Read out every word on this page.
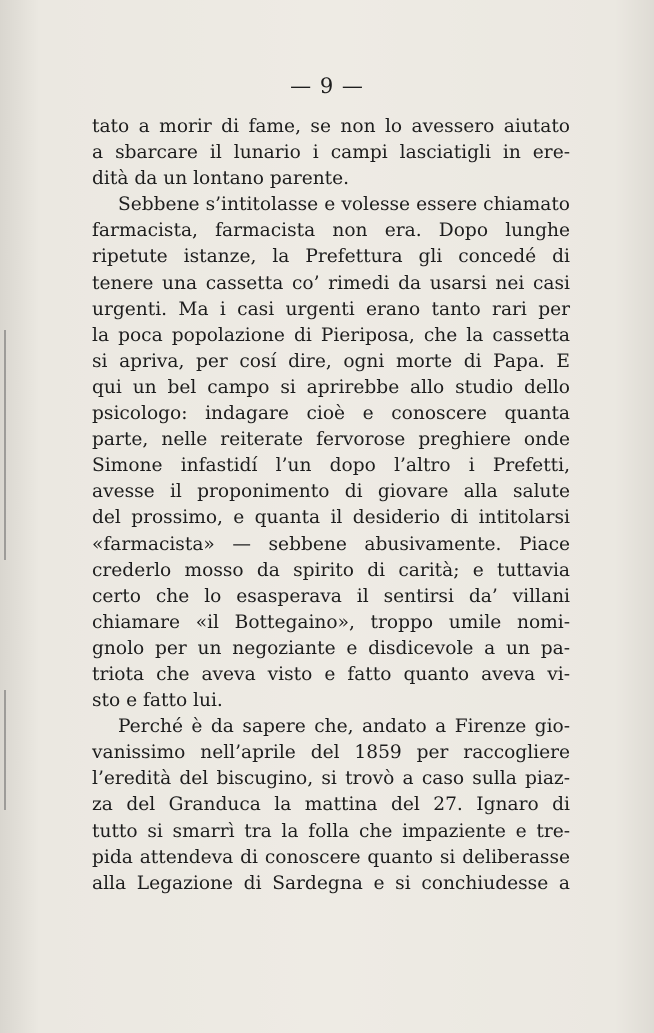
— 9 —
tato a morir di fame, se non lo avessero aiutato
a sbarcare il lunario i campi lasciatigli in ere-
dità da un lontano parente.
Sebbene s’intitolasse e volesse essere chiamato
farmacista, farmacista non era. Dopo lunghe
ripetute istanze, la Prefettura gli concedé di
tenere una cassetta co’ rimedi da usarsi nei casi
urgenti. Ma i casi urgenti erano tanto rari per
la poca popolazione di Pieriposa, che la cassetta
si apriva, per cosí dire, ogni morte di Papa. E
qui un bel campo si aprirebbe allo studio dello
psicologo: indagare cioè e conoscere quanta
parte, nelle reiterate fervorose preghiere onde
Simone infastidí l’un dopo l’altro i Prefetti,
avesse il proponimento di giovare alla salute
del prossimo, e quanta il desiderio di intitolarsi
«farmacista» — sebbene abusivamente. Piace
crederlo mosso da spirito di carità; e tuttavia
certo che lo esasperava il sentirsi da’ villani
chiamare «il Bottegaino», troppo umile nomi-
gnolo per un negoziante e disdicevole a un pa-
triota che aveva visto e fatto quanto aveva vi-
sto e fatto lui.
Perché è da sapere che, andato a Firenze gio-
vanissimo nell’aprile del 1859 per raccogliere
l’eredità del biscugino, si trovò a caso sulla piaz-
za del Granduca la mattina del 27. Ignaro di
tutto si smarrì tra la folla che impaziente e tre-
pida attendeva di conoscere quanto si deliberasse
alla Legazione di Sardegna e si conchiudesse a
